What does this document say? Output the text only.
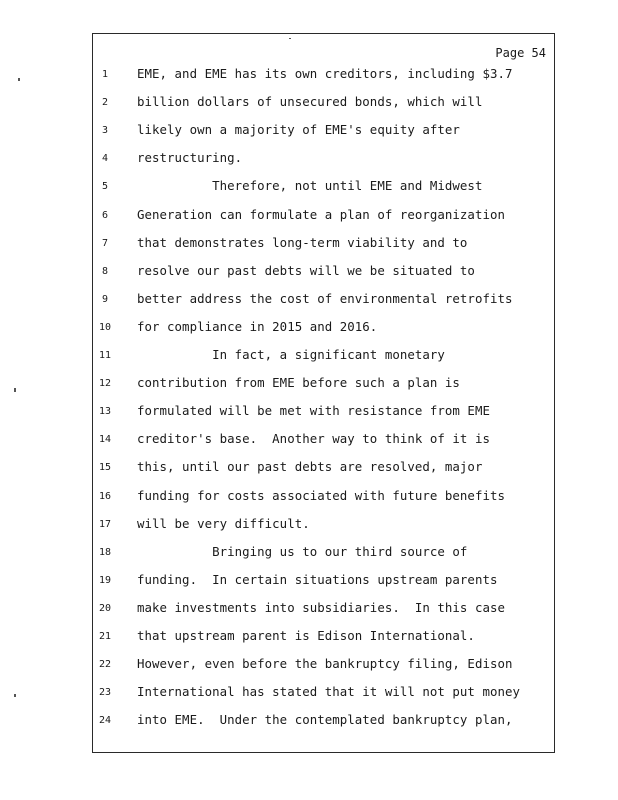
Page 54
1	EME, and EME has its own creditors, including $3.7
2	billion dollars of unsecured bonds, which will
3	likely own a majority of EME's equity after
4	restructuring.
5	Therefore, not until EME and Midwest
6	Generation can formulate a plan of reorganization
7	that demonstrates long-term viability and to
8	resolve our past debts will we be situated to
9	better address the cost of environmental retrofits
10 for compliance in 2015 and 2016.
11 In fact, a significant monetary
12 contribution from EME before such a plan is
13 formulated will be met with resistance from EME
14 creditor's base.  Another way to think of it is
15 this, until our past debts are resolved, major
16 funding for costs associated with future benefits
17 will be very difficult.
18 Bringing us to our third source of
19 funding.  In certain situations upstream parents
20 make investments into subsidiaries.  In this case
21 that upstream parent is Edison International.
22 However, even before the bankruptcy filing, Edison
23 International has stated that it will not put money
24 into EME.  Under the contemplated bankruptcy plan,
